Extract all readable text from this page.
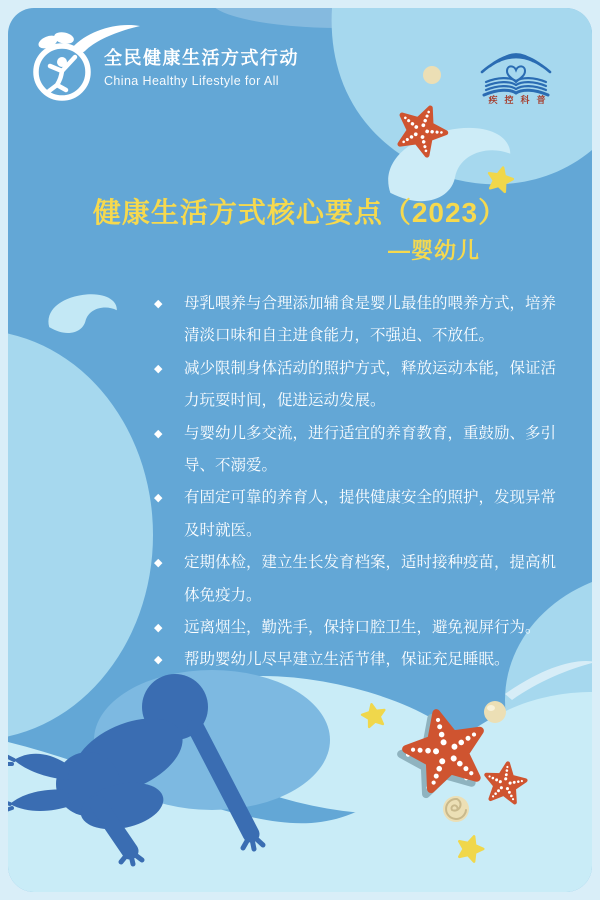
全民健康生活方式行动
China Healthy Lifestyle for All
疾控科普
健康生活方式核心要点（2023）
—婴幼儿
◆	母乳喂养与合理添加辅食是婴儿最佳的喂养方式，培养清淡口味和自主进食能力，不强迫、不放任。
◆	减少限制身体活动的照护方式，释放运动本能，保证活力玩耍时间，促进运动发展。
◆	与婴幼儿多交流，进行适宜的养育教育，重鼓励、多引导、不溺爱。
◆	有固定可靠的养育人，提供健康安全的照护，发现异常及时就医。
◆	定期体检，建立生长发育档案，适时接种疫苗，提高机体免疫力。
◆	远离烟尘，勤洗手，保持口腔卫生，避免视屏行为。
◆	帮助婴幼儿尽早建立生活节律，保证充足睡眠。
